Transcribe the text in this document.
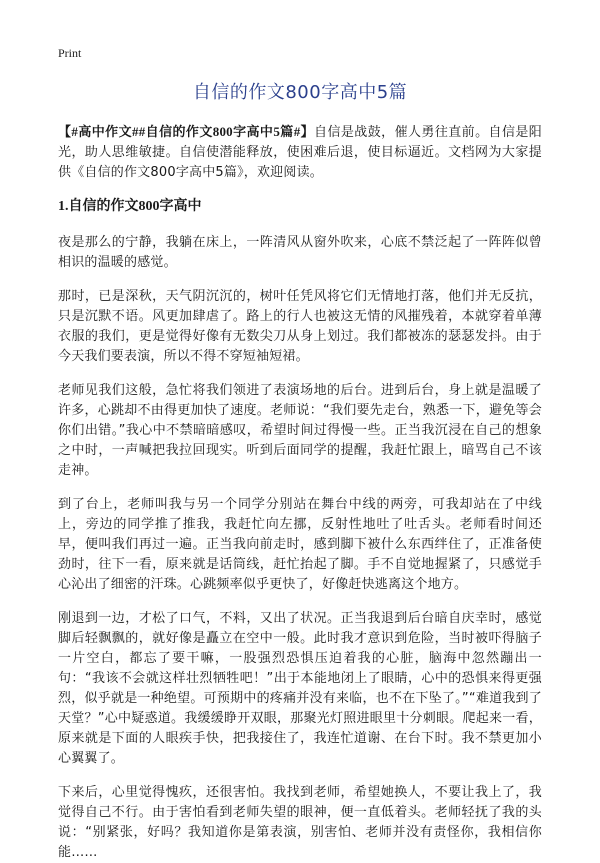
Print
自信的作文800字高中5篇

【#高中作文##自信的作文800字高中5篇#】自信是战鼓，催人勇往直前。自信是阳光，助人思维敏捷。自信使潜能释放，使困难后退，使目标逼近。文档网为大家提供《自信的作文800字高中5篇》，欢迎阅读。

1.自信的作文800字高中

夜是那么的宁静，我躺在床上，一阵清风从窗外吹来，心底不禁泛起了一阵阵似曾相识的温暖的感觉。

那时，已是深秋，天气阴沉沉的，树叶任凭风将它们无情地打落，他们并无反抗，只是沉默不语。风更加肆虐了。路上的行人也被这无情的风摧残着，本就穿着单薄衣服的我们，更是觉得好像有无数尖刀从身上划过。我们都被冻的瑟瑟发抖。由于今天我们要表演，所以不得不穿短袖短裙。

老师见我们这般，急忙将我们领进了表演场地的后台。进到后台，身上就是温暖了许多，心跳却不由得更加快了速度。老师说：“我们要先走台，熟悉一下，避免等会你们出错。”我心中不禁暗暗感叹，希望时间过得慢一些。正当我沉浸在自己的想象之中时，一声喊把我拉回现实。听到后面同学的提醒，我赶忙跟上，暗骂自己不该走神。

到了台上，老师叫我与另一个同学分别站在舞台中线的两旁，可我却站在了中线上，旁边的同学推了推我，我赶忙向左挪，反射性地吐了吐舌头。老师看时间还早，便叫我们再过一遍。正当我向前走时，感到脚下被什么东西绊住了，正准备使劲时，往下一看，原来就是话筒线，赶忙抬起了脚。手不自觉地握紧了，只感觉手心沁出了细密的汗珠。心跳频率似乎更快了，好像赶快逃离这个地方。

刚退到一边，才松了口气，不料，又出了状况。正当我退到后台暗自庆幸时，感觉脚后轻飘飘的，就好像是矗立在空中一般。此时我才意识到危险，当时被吓得脑子一片空白，都忘了要干嘛，一股强烈恐惧压迫着我的心脏，脑海中忽然蹦出一句：“我该不会就这样壮烈牺牲吧！”出于本能地闭上了眼睛，心中的恐惧来得更强烈，似乎就是一种绝望。可预期中的疼痛并没有来临，也不在下坠了。”“难道我到了天堂？”心中疑惑道。我缓缓睁开双眼，那聚光灯照进眼里十分刺眼。爬起来一看，原来就是下面的人眼疾手快，把我接住了，我连忙道谢、在台下时。我不禁更加小心翼翼了。

下来后，心里觉得愧疚，还很害怕。我找到老师，希望她换人，不要让我上了，我觉得自己不行。由于害怕看到老师失望的眼神，便一直低着头。老师轻抚了我的头说：“别紧张，好吗？我知道你是第表演，别害怕、老师并没有责怪你，我相信你能……
